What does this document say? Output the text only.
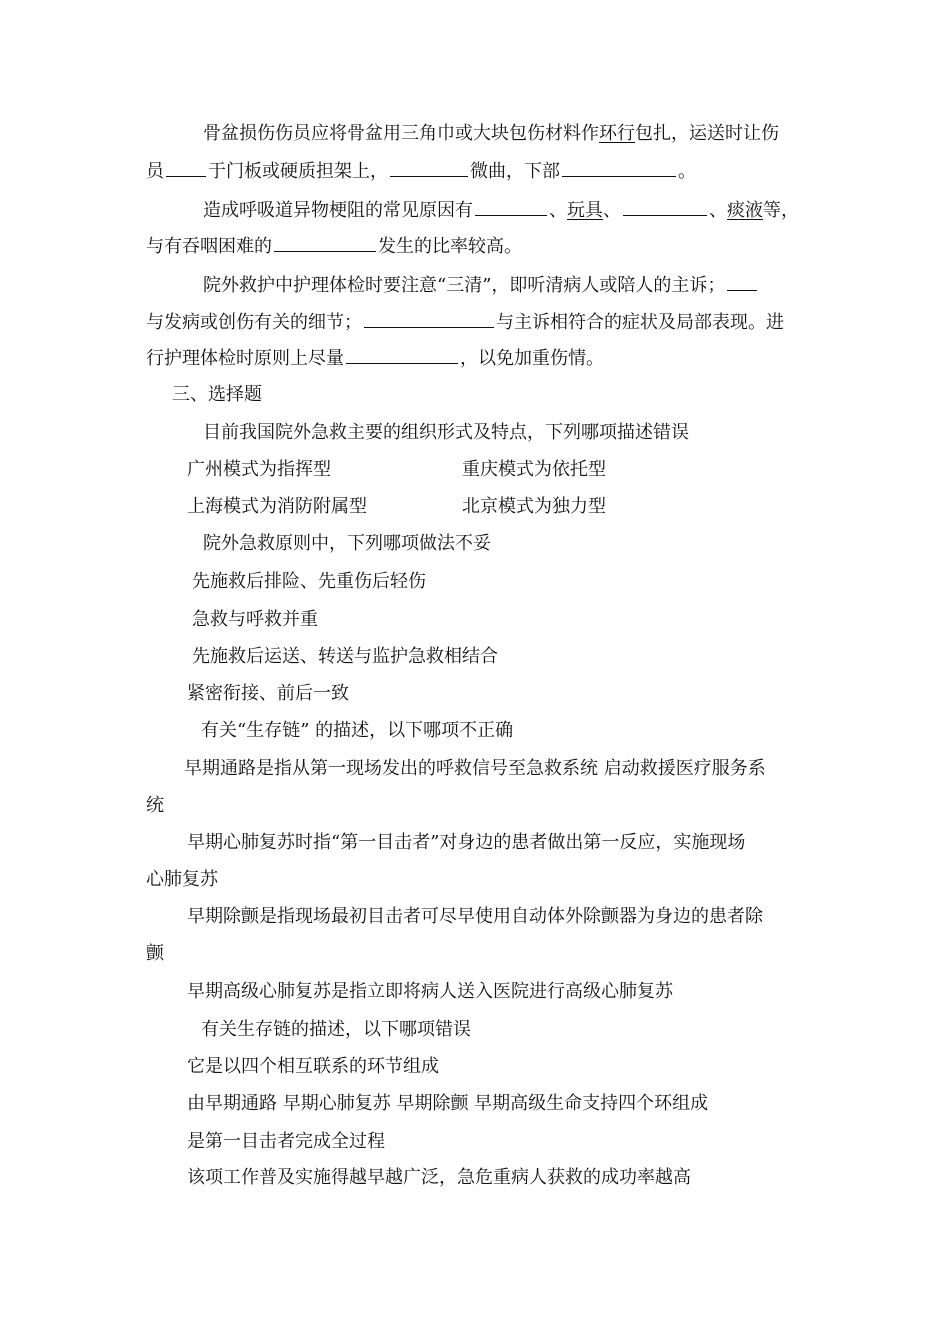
骨盆损伤伤员应将骨盆用三角巾或大块包伤材料作环行包扎，运送时让伤
员 于门板或硬质担架上，	微曲，下部	。
造成呼吸道异物梗阻的常见原因有	、玩具、	、痰液等，
与有吞咽困难的	发生的比率较高。
院外救护中护理体检时要注意“三清”，即听清病人或陪人的主诉；
与发病或创伤有关的细节；	与主诉相符合的症状及局部表现。进
行护理体检时原则上尽量	，以免加重伤情。
三、选择题
目前我国院外急救主要的组织形式及特点，下列哪项描述错误
广州模式为指挥型	重庆模式为依托型
上海模式为消防附属型	北京模式为独力型
院外急救原则中，下列哪项做法不妥
先施救后排险、先重伤后轻伤
急救与呼救并重
先施救后运送、转送与监护急救相结合
紧密衔接、前后一致
有关“生存链” 的描述，以下哪项不正确
早期通路是指从第一现场发出的呼救信号至急救系统 启动救援医疗服务系
统
早期心肺复苏时指“第一目击者”对身边的患者做出第一反应，实施现场
心肺复苏
早期除颤是指现场最初目击者可尽早使用自动体外除颤器为身边的患者除
颤
早期高级心肺复苏是指立即将病人送入医院进行高级心肺复苏
有关生存链的描述，以下哪项错误
它是以四个相互联系的环节组成
由早期通路 早期心肺复苏 早期除颤 早期高级生命支持四个环组成
是第一目击者完成全过程
该项工作普及实施得越早越广泛，急危重病人获救的成功率越高
